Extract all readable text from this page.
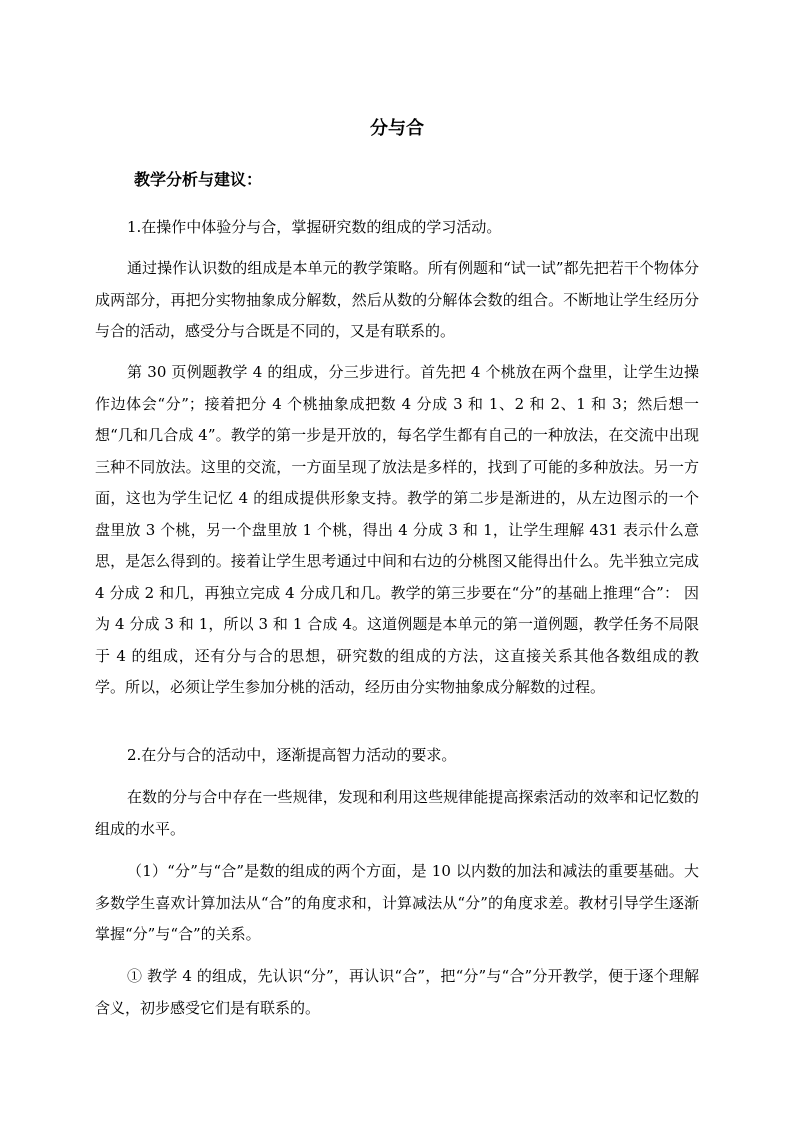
分与合
教学分析与建议：

1.在操作中体验分与合，掌握研究数的组成的学习活动。

通过操作认识数的组成是本单元的教学策略。所有例题和“试一试”都先把若干个物体分成两部分，再把分实物抽象成分解数，然后从数的分解体会数的组合。不断地让学生经历分与合的活动，感受分与合既是不同的，又是有联系的。

第 30 页例题教学 4 的组成，分三步进行。首先把 4 个桃放在两个盘里，让学生边操作边体会“分”；接着把分 4 个桃抽象成把数 4 分成 3 和 1、2 和 2、1 和 3；然后想一想“几和几合成 4”。教学的第一步是开放的，每名学生都有自己的一种放法，在交流中出现三种不同放法。这里的交流，一方面呈现了放法是多样的，找到了可能的多种放法。另一方面，这也为学生记忆 4 的组成提供形象支持。教学的第二步是渐进的，从左边图示的一个盘里放 3 个桃，另一个盘里放 1 个桃，得出 4 分成 3 和 1，让学生理解 431 表示什么意思，是怎么得到的。接着让学生思考通过中间和右边的分桃图又能得出什么。先半独立完成 4 分成 2 和几，再独立完成 4 分成几和几。教学的第三步要在“分”的基础上推理“合”： 因为 4 分成 3 和 1，所以 3 和 1 合成 4。这道例题是本单元的第一道例题，教学任务不局限于 4 的组成，还有分与合的思想，研究数的组成的方法，这直接关系其他各数组成的教学。所以，必须让学生参加分桃的活动，经历由分实物抽象成分解数的过程。

2.在分与合的活动中，逐渐提高智力活动的要求。

在数的分与合中存在一些规律，发现和利用这些规律能提高探索活动的效率和记忆数的组成的水平。

（1）“分”与“合”是数的组成的两个方面，是 10 以内数的加法和减法的重要基础。大多数学生喜欢计算加法从“合”的角度求和，计算减法从“分”的角度求差。教材引导学生逐渐掌握“分”与“合”的关系。

① 教学 4 的组成，先认识“分”，再认识“合”，把“分”与“合”分开教学，便于逐个理解含义，初步感受它们是有联系的。
